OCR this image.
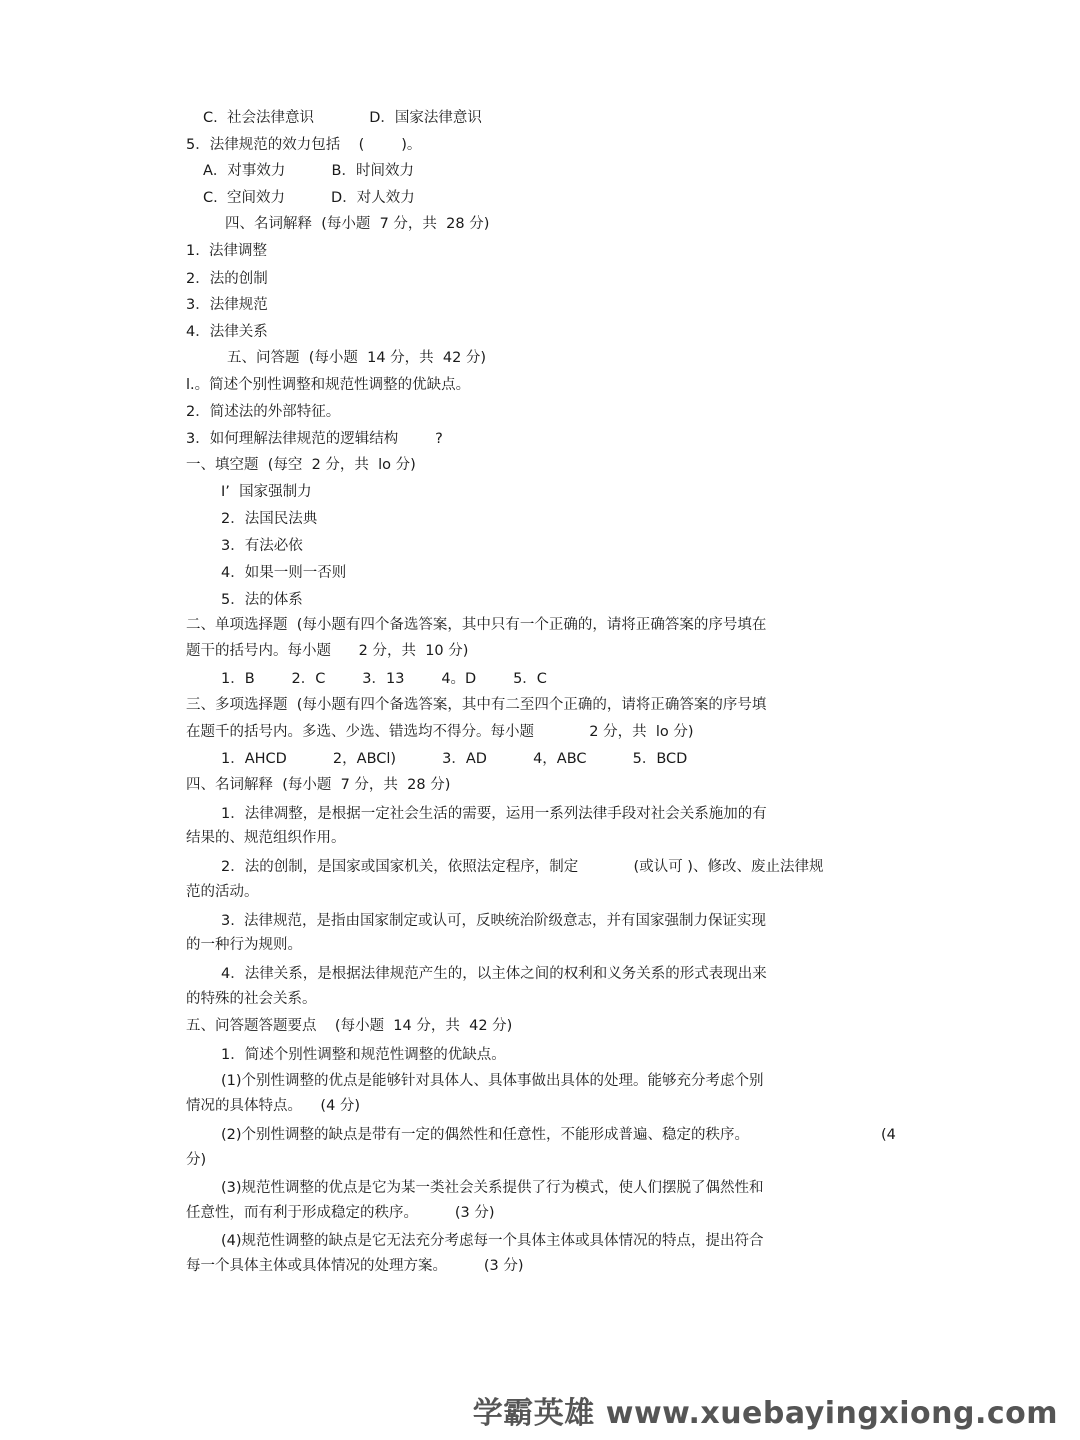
C.  社会法律意识            D．国家法律意识
5．法律规范的效力包括    (        )。
A．对事效力          B．时间效力
C.  空间效力          D．对人效力
四、名词解释  (每小题  7 分，共  28 分)
1.  法律调整
2．法的创制
3．法律规范
4．法律关系
五、问答题  (每小题  14 分，共  42 分)
l.。简述个别性调整和规范性调整的优缺点。
2．简述法的外部特征。
3．如何理解法律规范的逻辑结构        ?
一、填空题  (每空  2 分，共  lo 分)
I’  国家强制力
2．法国民法典
3．有法必依
4．如果一则一否则
5．法的体系
二、单项选择题  (每小题有四个备选答案，其中只有一个正确的，请将正确答案的序号填在
题干的括号内。每小题      2 分，共  10 分)
1．B        2．C        3．13        4。D        5．C
三、多项选择题  (每小题有四个备选答案，其中有二至四个正确的，请将正确答案的序号填
在题千的括号内。多选、少选、错选均不得分。每小题            2 分，共  lo 分)
1．AHCD          2，ABCl)          3．AD          4，ABC          5．BCD
四、名词解释  (每小题  7 分，共  28 分)
1．法律凋整，是根据一定社会生活的需要，运用一系列法律手段对社会关系施加的有
结果的、规范组织作用。
2．法的创制，是国家或国家机关，依照法定程序，制定            (或认可 )、修改、废止法律规
范的活动。
3.  法律规范，是指由国家制定或认可，反映统治阶级意志，并有国家强制力保证实现
的一种行为规则。
4．法律关系，是根据法律规范产生的，以主体之间的权利和义务关系的形式表现出来
的特殊的社会关系。
五、问答题答题要点    (每小题  14 分，共  42 分)
1．简述个别性调整和规范性调整的优缺点。
(1)个别性调整的优点是能够针对具体人、具体事做出具体的处理。能够充分考虑个别
情况的具体特点。    (4 分)
(2)个别性调整的缺点是带有一定的偶然性和任意性，不能形成普遍、稳定的秩序。	(4
分)
(3)规范性调整的优点是它为某一类社会关系提供了行为模式，使人们摆脱了偶然性和
任意性，而有利于形成稳定的秩序。        (3 分)
(4)规范性调整的缺点是它无法充分考虑每一个具体主体或具体情况的特点，提出符合
每一个具体主体或具体情况的处理方案。        (3 分)
学霸英雄 www.xuebayingxiong.com
